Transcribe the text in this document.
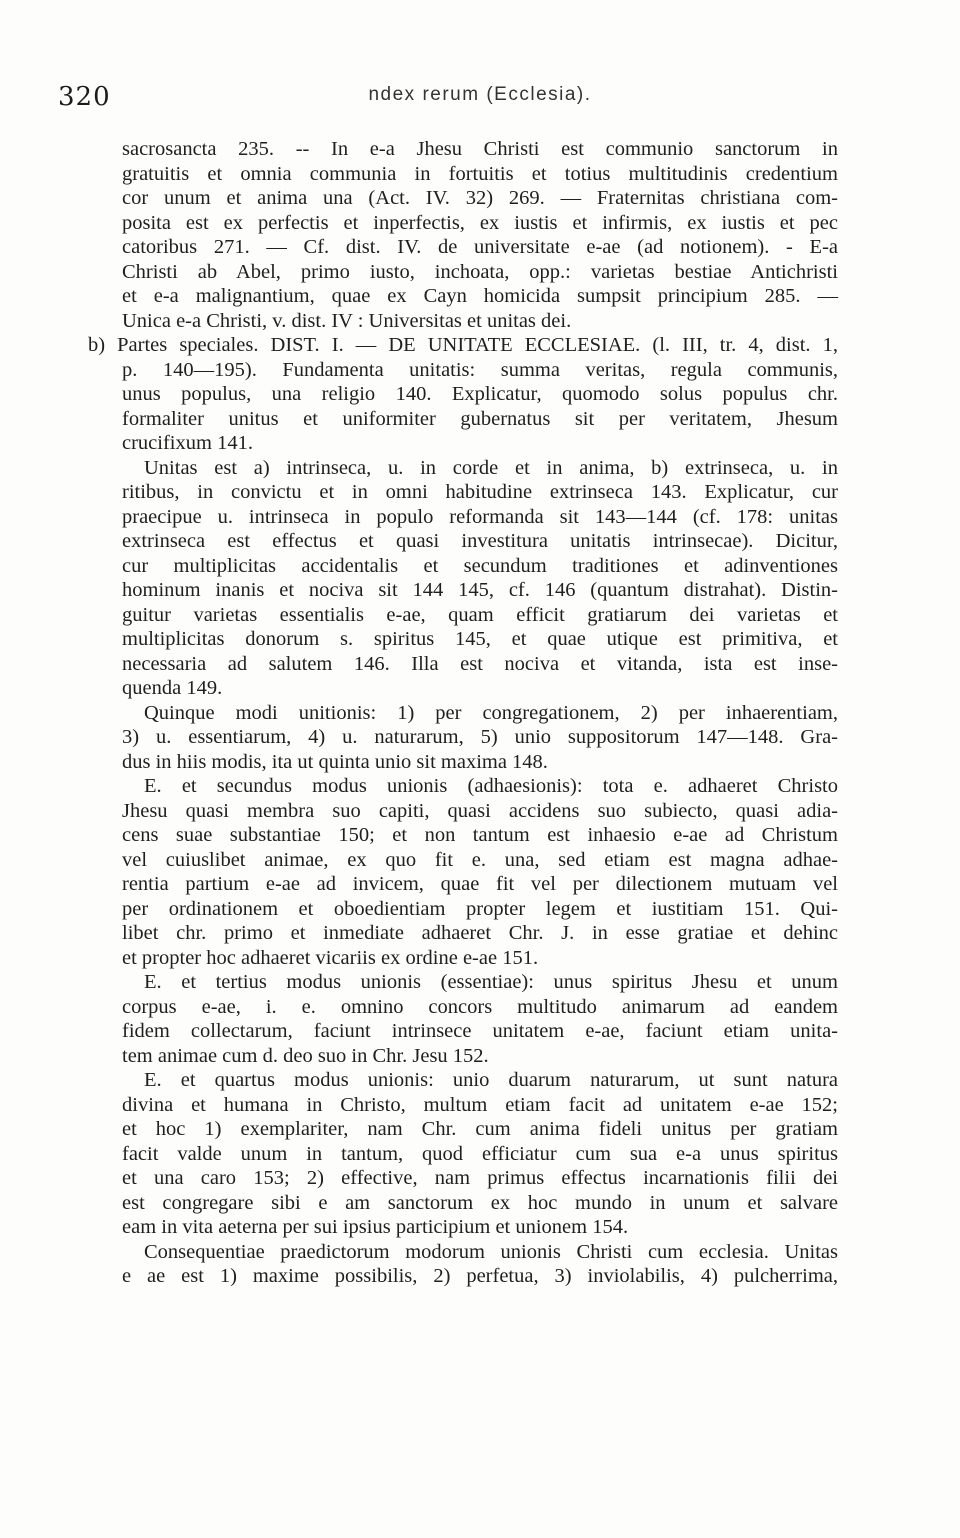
320	ndex rerum (Ecclesia).
sacrosancta 235. -- In e-a Jhesu Christi est communio sanctorum in
gratuitis et omnia communia in fortuitis et totius multitudinis credentium
cor unum et anima una (Act. IV. 32) 269. — Fraternitas christiana com-
posita est ex perfectis et inperfectis, ex iustis et infirmis, ex iustis et pec
catoribus 271. — Cf. dist. IV. de universitate e-ae (ad notionem). - E-a
Christi ab Abel, primo iusto, inchoata, opp.: varietas bestiae Antichristi
et e-a malignantium, quae ex Cayn homicida sumpsit principium 285. —
Unica e-a Christi, v. dist. IV : Universitas et unitas dei.
b) Partes speciales. DIST. I. — DE UNITATE ECCLESIAE. (l. III, tr. 4, dist. 1,
p. 140—195). Fundamenta unitatis: summa veritas, regula communis,
unus populus, una religio 140. Explicatur, quomodo solus populus chr.
formaliter unitus et uniformiter gubernatus sit per veritatem, Jhesum
crucifixum 141.
Unitas est a) intrinseca, u. in corde et in anima, b) extrinseca, u. in
ritibus, in convictu et in omni habitudine extrinseca 143. Explicatur, cur
praecipue u. intrinseca in populo reformanda sit 143—144 (cf. 178: unitas
extrinseca est effectus et quasi investitura unitatis intrinsecae). Dicitur,
cur multiplicitas accidentalis et secundum traditiones et adinventiones
hominum inanis et nociva sit 144 145, cf. 146 (quantum distrahat). Distin-
guitur varietas essentialis e-ae, quam efficit gratiarum dei varietas et
multiplicitas donorum s. spiritus 145, et quae utique est primitiva, et
necessaria ad salutem 146. Illa est nociva et vitanda, ista est inse-
quenda 149.
Quinque modi unitionis: 1) per congregationem, 2) per inhaerentiam,
3) u. essentiarum, 4) u. naturarum, 5) unio suppositorum 147—148. Gra-
dus in hiis modis, ita ut quinta unio sit maxima 148.
E. et secundus modus unionis (adhaesionis): tota e. adhaeret Christo
Jhesu quasi membra suo capiti, quasi accidens suo subiecto, quasi adia-
cens suae substantiae 150; et non tantum est inhaesio e-ae ad Christum
vel cuiuslibet animae, ex quo fit e. una, sed etiam est magna adhae-
rentia partium e-ae ad invicem, quae fit vel per dilectionem mutuam vel
per ordinationem et oboedientiam propter legem et iustitiam 151. Qui-
libet chr. primo et inmediate adhaeret Chr. J. in esse gratiae et dehinc
et propter hoc adhaeret vicariis ex ordine e-ae 151.
E. et tertius modus unionis (essentiae): unus spiritus Jhesu et unum
corpus e-ae, i. e. omnino concors multitudo animarum ad eandem
fidem collectarum, faciunt intrinsece unitatem e-ae, faciunt etiam unita-
tem animae cum d. deo suo in Chr. Jesu 152.
E. et quartus modus unionis: unio duarum naturarum, ut sunt natura
divina et humana in Christo, multum etiam facit ad unitatem e-ae 152;
et hoc 1) exemplariter, nam Chr. cum anima fideli unitus per gratiam
facit valde unum in tantum, quod efficiatur cum sua e-a unus spiritus
et una caro 153; 2) effective, nam primus effectus incarnationis filii dei
est congregare sibi e am sanctorum ex hoc mundo in unum et salvare
eam in vita aeterna per sui ipsius participium et unionem 154.
Consequentiae praedictorum modorum unionis Christi cum ecclesia. Unitas
e ae est 1) maxime possibilis, 2) perfetua, 3) inviolabilis, 4) pulcherrima,
